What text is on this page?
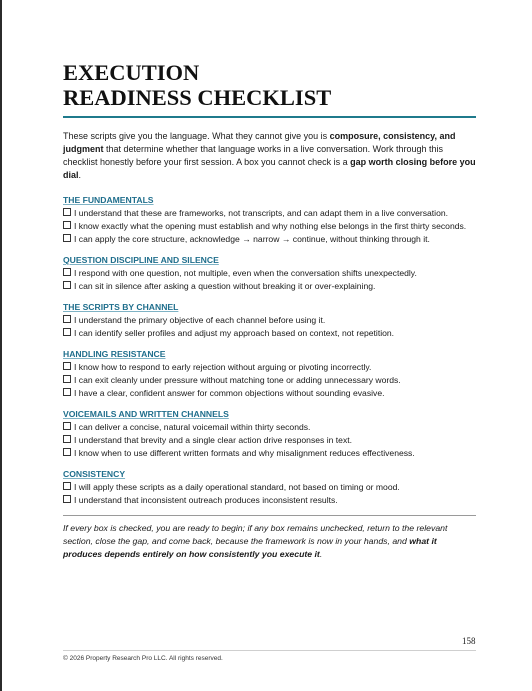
EXECUTION
READINESS CHECKLIST

These scripts give you the language. What they cannot give you is composure, consistency, and judgment that determine whether that language works in a live conversation. Work through this checklist honestly before your first session. A box you cannot check is a gap worth closing before you dial.

THE FUNDAMENTALS

I understand that these are frameworks, not transcripts, and can adapt them in a live conversation.

I know exactly what the opening must establish and why nothing else belongs in the first thirty seconds.

I can apply the core structure, acknowledge → narrow → continue, without thinking through it.

QUESTION DISCIPLINE AND SILENCE

I respond with one question, not multiple, even when the conversation shifts unexpectedly.

I can sit in silence after asking a question without breaking it or over-explaining.

THE SCRIPTS BY CHANNEL

I understand the primary objective of each channel before using it.

I can identify seller profiles and adjust my approach based on context, not repetition.

HANDLING RESISTANCE

I know how to respond to early rejection without arguing or pivoting incorrectly.

I can exit cleanly under pressure without matching tone or adding unnecessary words.

I have a clear, confident answer for common objections without sounding evasive.

VOICEMAILS AND WRITTEN CHANNELS

I can deliver a concise, natural voicemail within thirty seconds.

I understand that brevity and a single clear action drive responses in text.

I know when to use different written formats and why misalignment reduces effectiveness.

CONSISTENCY

I will apply these scripts as a daily operational standard, not based on timing or mood.

I understand that inconsistent outreach produces inconsistent results.

If every box is checked, you are ready to begin; if any box remains unchecked, return to the relevant section, close the gap, and come back, because the framework is now in your hands, and what it produces depends entirely on how consistently you execute it.

158
© 2026 Property Research Pro LLC. All rights reserved.
